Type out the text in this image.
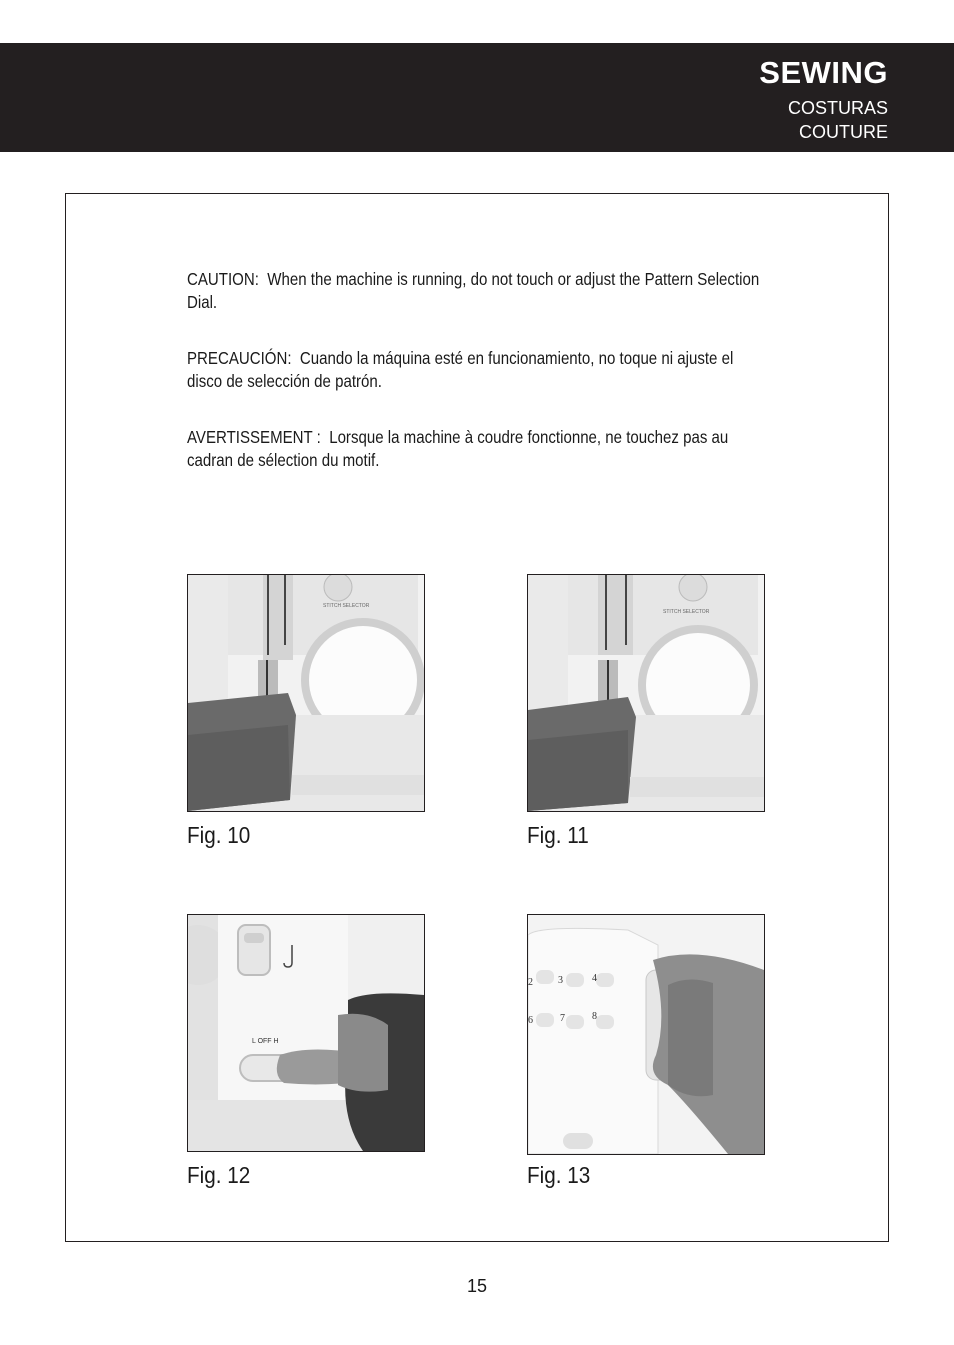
SEWING
COSTURAS
COUTURE
CAUTION: When the machine is running, do not touch or adjust the Pattern Selection Dial.
PRECAUCIÓN: Cuando la máquina esté en funcionamiento, no toque ni ajuste el disco de selección de patrón.
AVERTISSEMENT : Lorsque la machine à coudre fonctionne, ne touchez pas au cadran de sélection du motif.
STITCH SELECTOR
Fig. 10
STITCH SELECTOR
Fig. 11
L OFF H
Fig. 12
2	3	4
6	7	8
Fig. 13
15
